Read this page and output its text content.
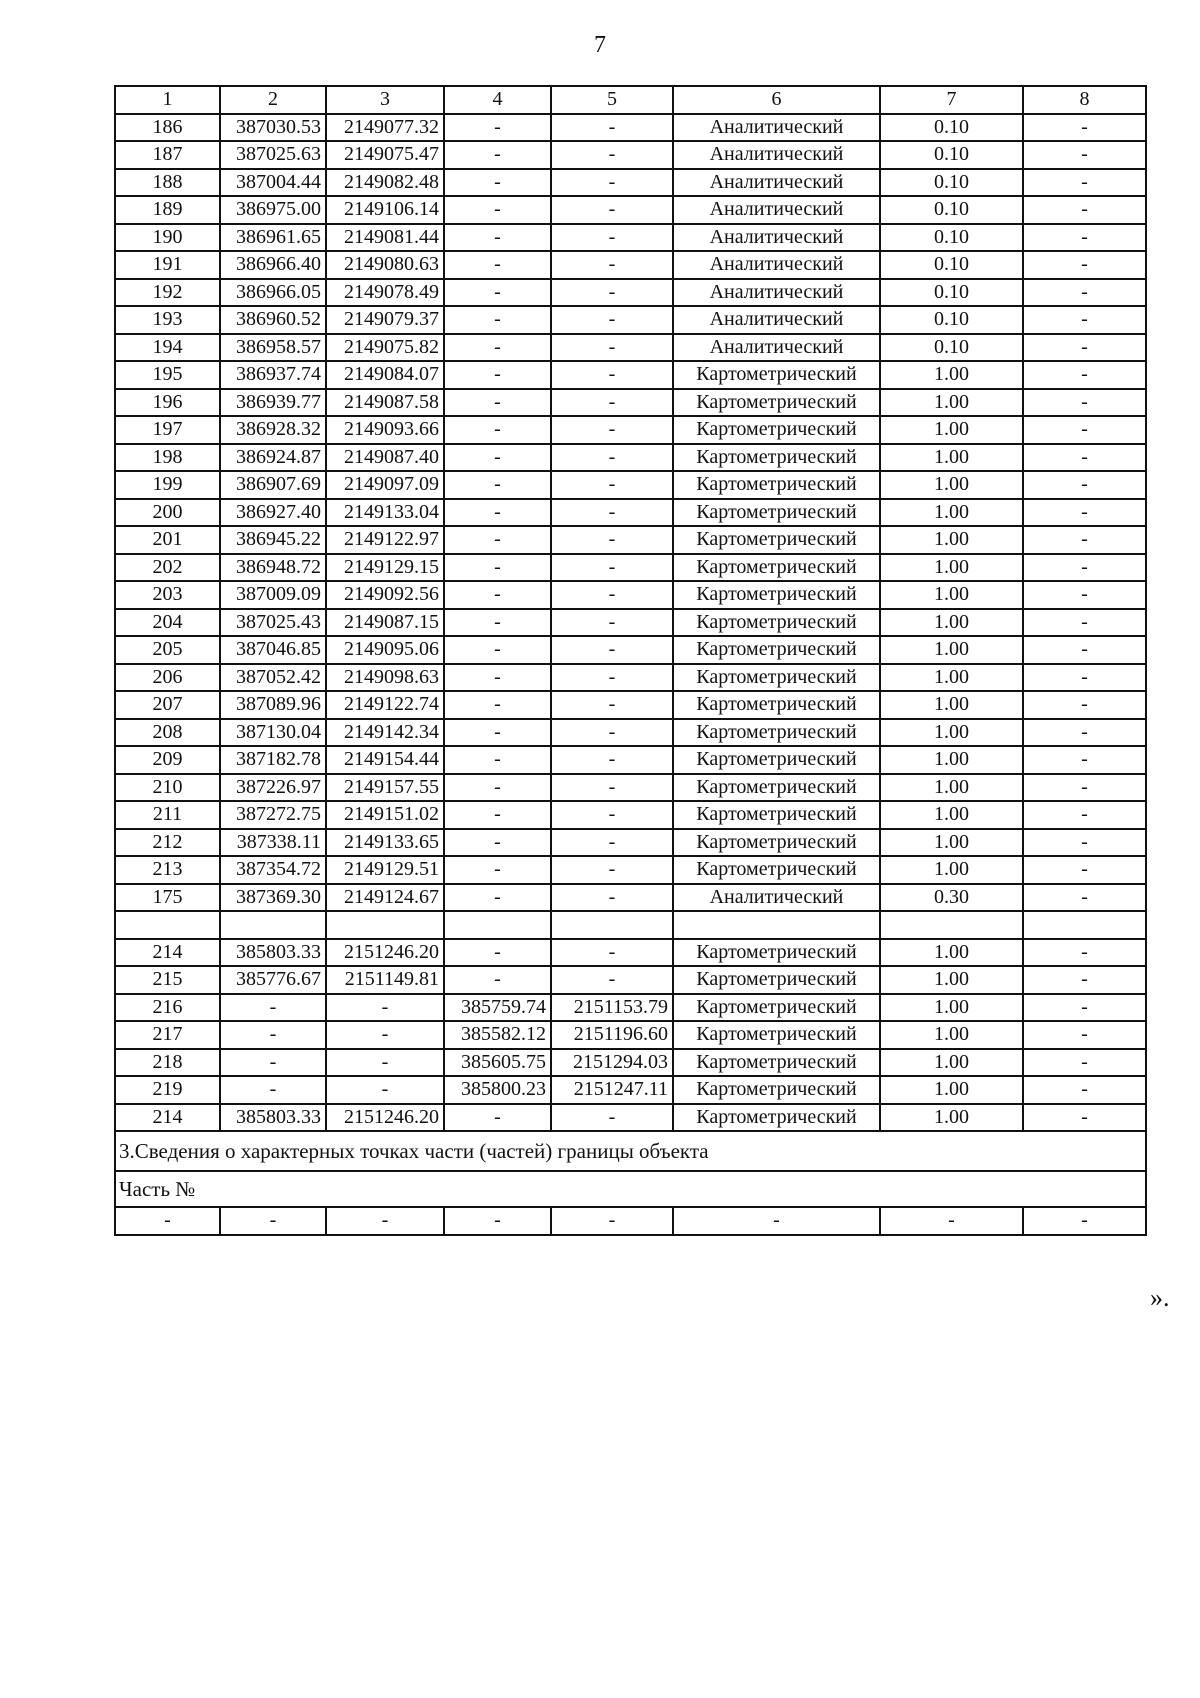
7
1	2	3	4	5	6	7	8
186	387030.53	2149077.32	-	-	Аналитический	0.10	-
187	387025.63	2149075.47	-	-	Аналитический	0.10	-
188	387004.44	2149082.48	-	-	Аналитический	0.10	-
189	386975.00	2149106.14	-	-	Аналитический	0.10	-
190	386961.65	2149081.44	-	-	Аналитический	0.10	-
191	386966.40	2149080.63	-	-	Аналитический	0.10	-
192	386966.05	2149078.49	-	-	Аналитический	0.10	-
193	386960.52	2149079.37	-	-	Аналитический	0.10	-
194	386958.57	2149075.82	-	-	Аналитический	0.10	-
195	386937.74	2149084.07	-	-	Картометрический	1.00	-
196	386939.77	2149087.58	-	-	Картометрический	1.00	-
197	386928.32	2149093.66	-	-	Картометрический	1.00	-
198	386924.87	2149087.40	-	-	Картометрический	1.00	-
199	386907.69	2149097.09	-	-	Картометрический	1.00	-
200	386927.40	2149133.04	-	-	Картометрический	1.00	-
201	386945.22	2149122.97	-	-	Картометрический	1.00	-
202	386948.72	2149129.15	-	-	Картометрический	1.00	-
203	387009.09	2149092.56	-	-	Картометрический	1.00	-
204	387025.43	2149087.15	-	-	Картометрический	1.00	-
205	387046.85	2149095.06	-	-	Картометрический	1.00	-
206	387052.42	2149098.63	-	-	Картометрический	1.00	-
207	387089.96	2149122.74	-	-	Картометрический	1.00	-
208	387130.04	2149142.34	-	-	Картометрический	1.00	-
209	387182.78	2149154.44	-	-	Картометрический	1.00	-
210	387226.97	2149157.55	-	-	Картометрический	1.00	-
211	387272.75	2149151.02	-	-	Картометрический	1.00	-
212	387338.11	2149133.65	-	-	Картометрический	1.00	-
213	387354.72	2149129.51	-	-	Картометрический	1.00	-
175	387369.30	2149124.67	-	-	Аналитический	0.30	-

214	385803.33	2151246.20	-	-	Картометрический	1.00	-
215	385776.67	2151149.81	-	-	Картометрический	1.00	-
216	-	-	385759.74	2151153.79	Картометрический	1.00	-
217	-	-	385582.12	2151196.60	Картометрический	1.00	-
218	-	-	385605.75	2151294.03	Картометрический	1.00	-
219	-	-	385800.23	2151247.11	Картометрический	1.00	-
214	385803.33	2151246.20	-	-	Картометрический	1.00	-
3.Сведения о характерных точках части (частей) границы объекта							
Часть №							
-	-	-	-	-	-	-	-
».
